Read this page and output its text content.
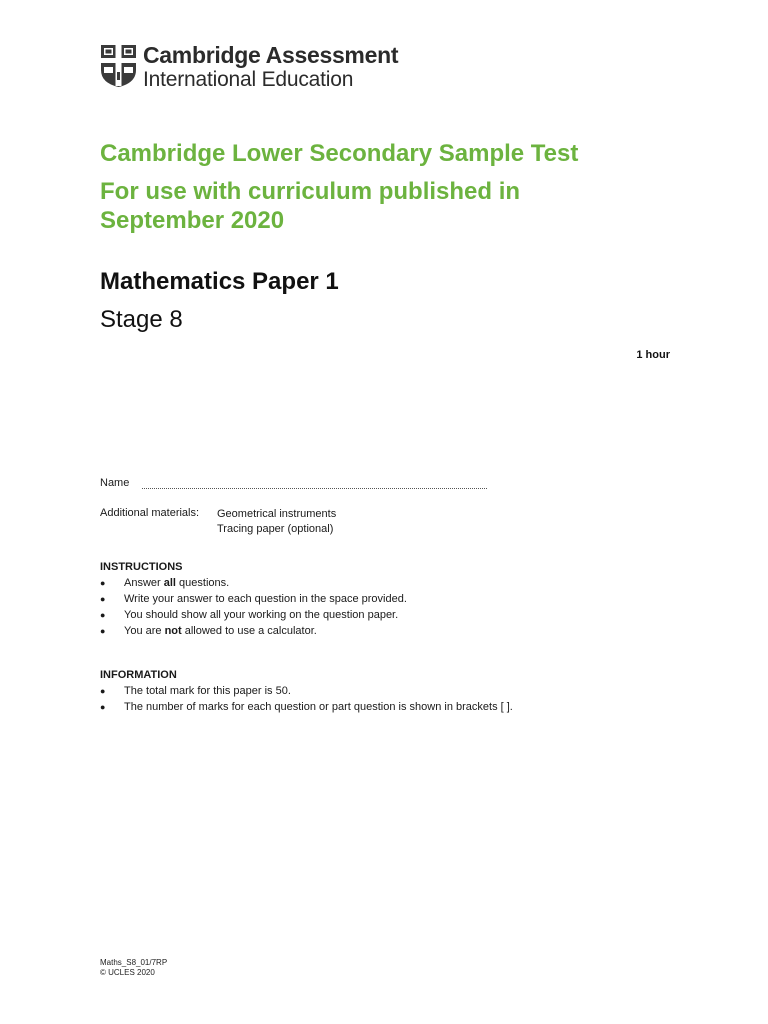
Cambridge Assessment
International Education
Cambridge Lower Secondary Sample Test
For use with curriculum published in
September 2020
Mathematics Paper 1
Stage 8
1 hour
Name
Additional materials:	Geometrical instruments
Tracing paper (optional)
INSTRUCTIONS
●	Answer all questions.
●	Write your answer to each question in the space provided.
●	You should show all your working on the question paper.
●	You are not allowed to use a calculator.
INFORMATION
●	The total mark for this paper is 50.
●	The number of marks for each question or part question is shown in brackets [ ].
Maths_S8_01/7RP
© UCLES 2020
